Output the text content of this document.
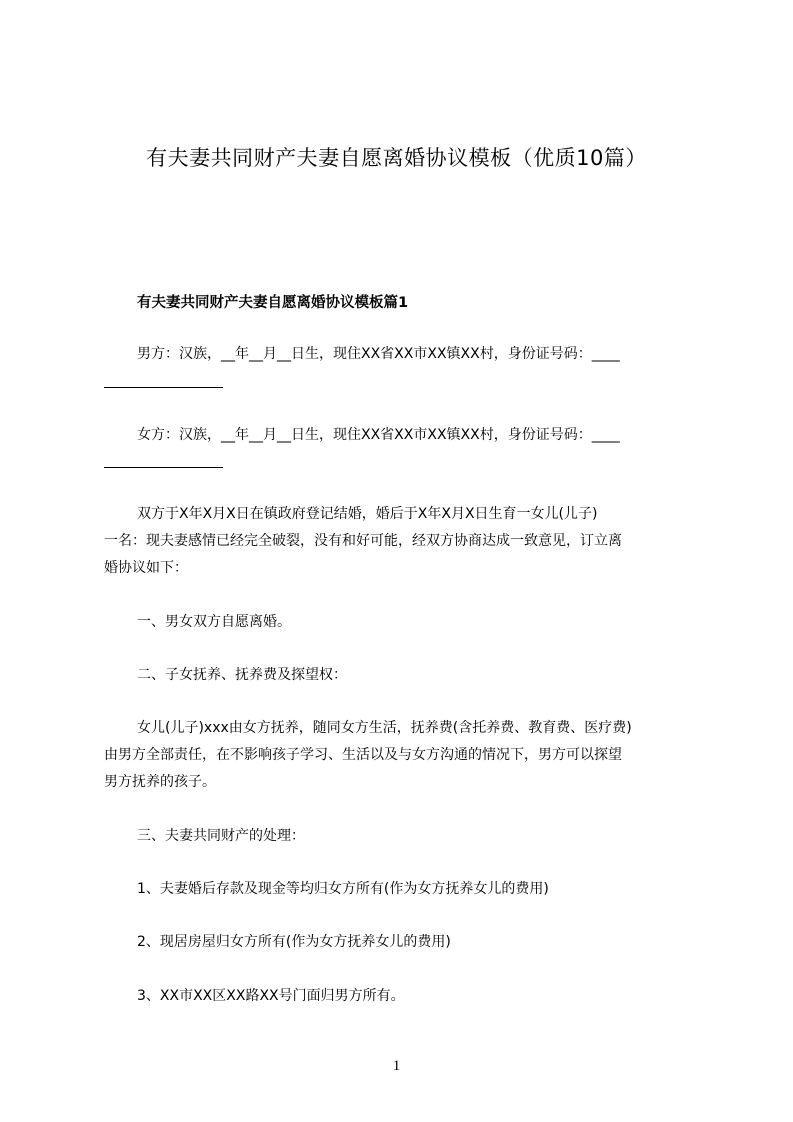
有夫妻共同财产夫妻自愿离婚协议模板（优质10篇）
有夫妻共同财产夫妻自愿离婚协议模板篇1
男方：汉族，__年__月__日生，现住XX省XX市XX镇XX村，身份证号码：____
女方：汉族，__年__月__日生，现住XX省XX市XX镇XX村，身份证号码：____
双方于X年X月X日在镇政府登记结婚，婚后于X年X月X日生育一女儿(儿子)
一名：现夫妻感情已经完全破裂，没有和好可能，经双方协商达成一致意见，订立离
婚协议如下：
一、男女双方自愿离婚。
二、子女抚养、抚养费及探望权：
女儿(儿子)xxx由女方抚养，随同女方生活，抚养费(含托养费、教育费、医疗费)
由男方全部责任，在不影响孩子学习、生活以及与女方沟通的情况下，男方可以探望
男方抚养的孩子。
三、夫妻共同财产的处理：
1、夫妻婚后存款及现金等均归女方所有(作为女方抚养女儿的费用)
2、现居房屋归女方所有(作为女方抚养女儿的费用)
3、XX市XX区XX路XX号门面归男方所有。
1
